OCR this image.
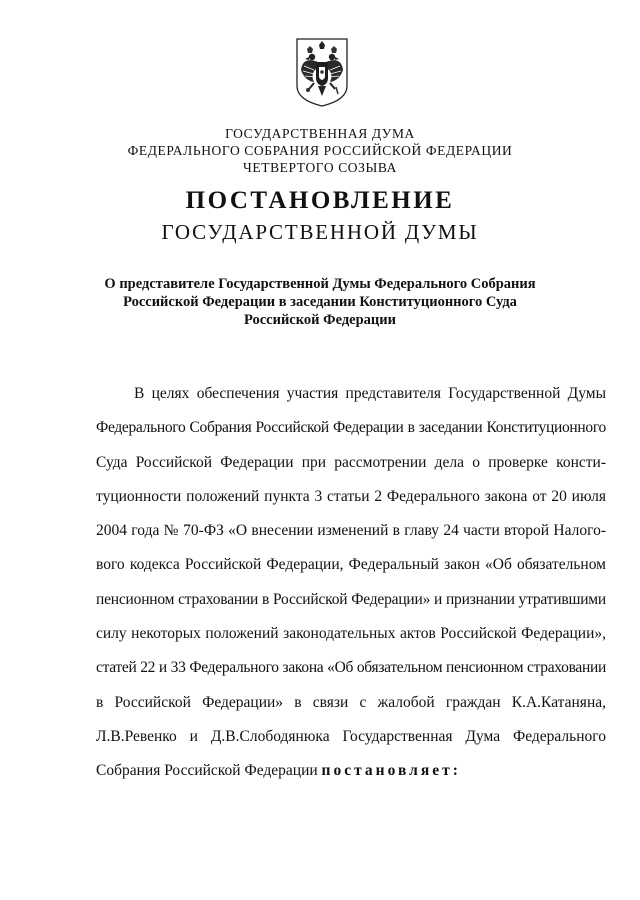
ГОСУДАРСТВЕННАЯ ДУМА
ФЕДЕРАЛЬНОГО СОБРАНИЯ РОССИЙСКОЙ ФЕДЕРАЦИИ
ЧЕТВЕРТОГО СОЗЫВА
ПОСТАНОВЛЕНИЕ
ГОСУДАРСТВЕННОЙ ДУМЫ
О представителе Государственной Думы Федерального Собрания
Российской Федерации в заседании Конституционного Суда
Российской Федерации
В целях обеспечения участия представителя Государственной Думы
Федерального Собрания Российской Федерации в заседании Конституционного
Суда Российской Федерации при рассмотрении дела о проверке консти-
туционности положений пункта 3 статьи 2 Федерального закона от 20 июля
2004 года № 70-ФЗ «О внесении изменений в главу 24 части второй Налого-
вого кодекса Российской Федерации, Федеральный закон «Об обязательном
пенсионном страховании в Российской Федерации» и признании утратившими
силу некоторых положений законодательных актов Российской Федерации»,
статей 22 и 33 Федерального закона «Об обязательном пенсионном страховании
в Российской Федерации» в связи с жалобой граждан К.А.Катаняна,
Л.В.Ревенко и Д.В.Слободянюка Государственная Дума Федерального
Собрания Российской Федерации постановляет:
